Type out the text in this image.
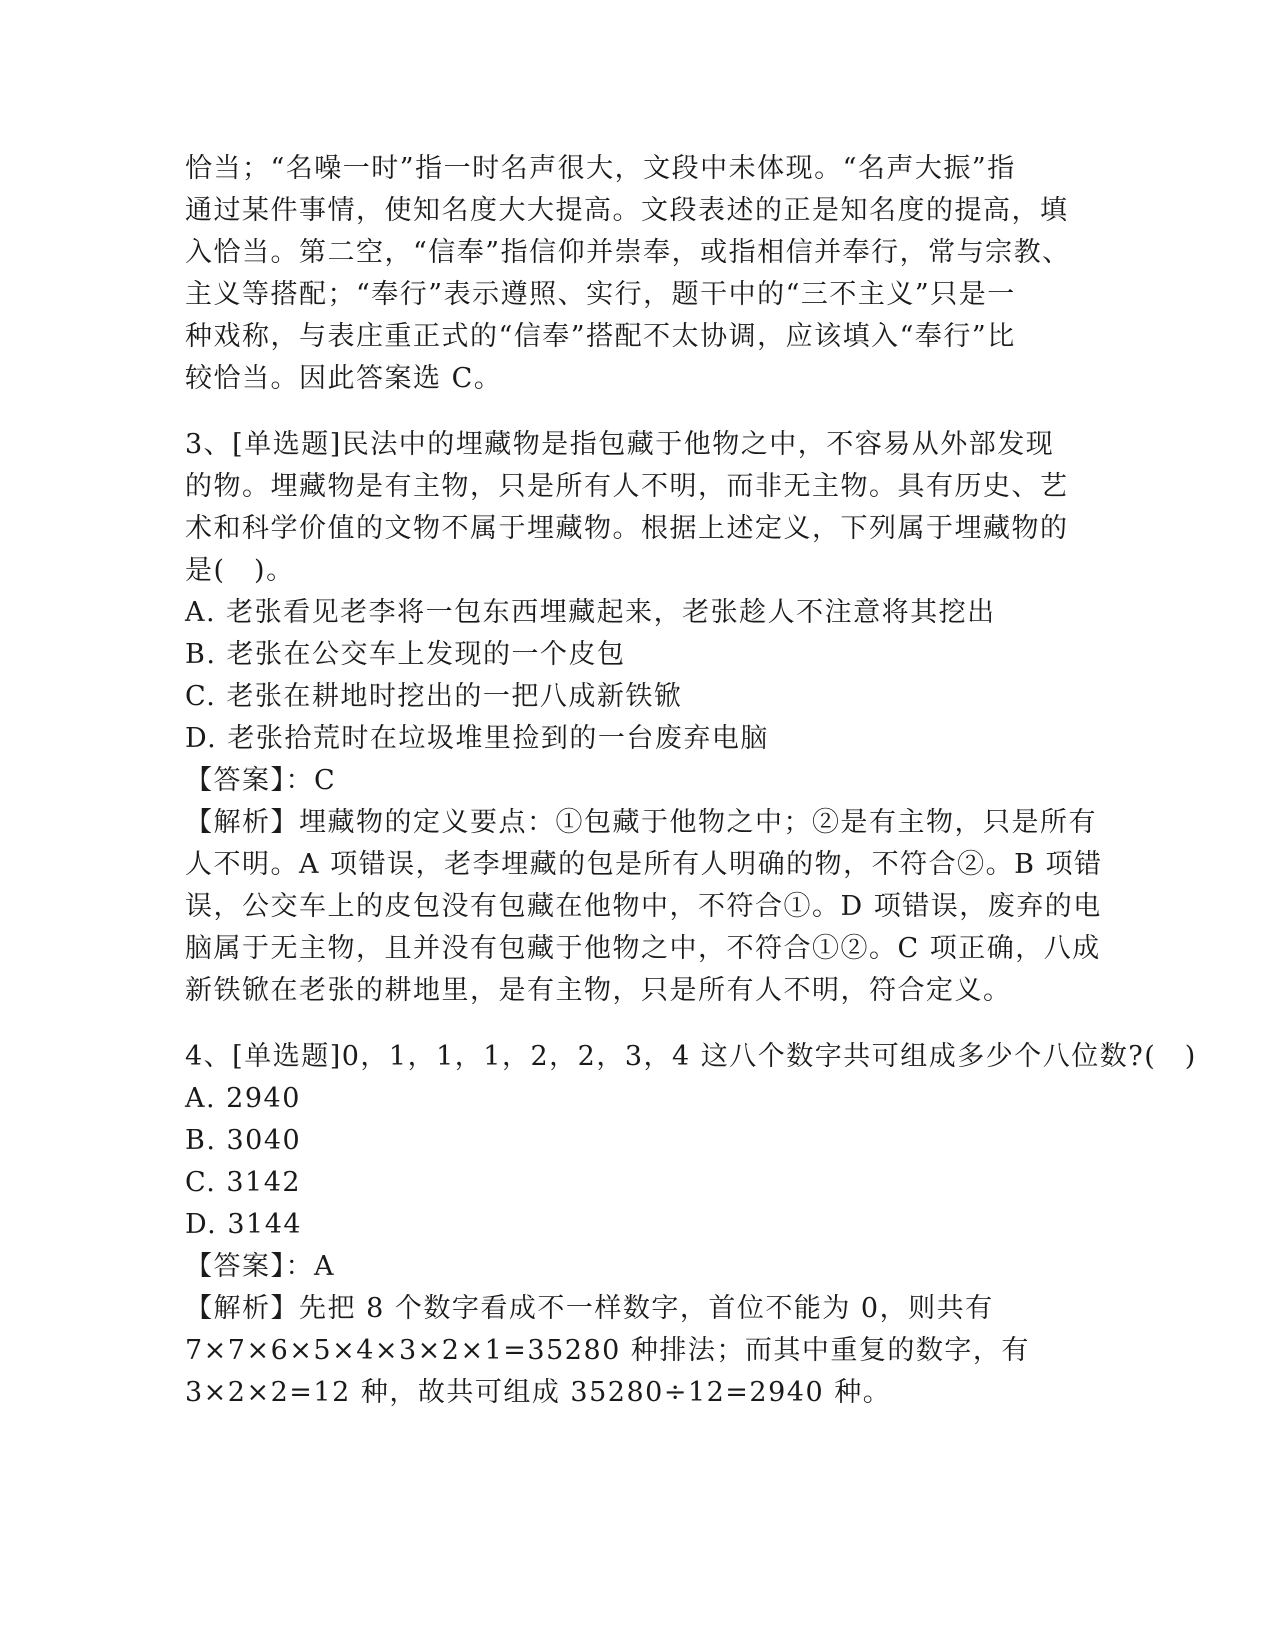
恰当；“名噪一时”指一时名声很大，文段中未体现。“名声大振”指
通过某件事情，使知名度大大提高。文段表述的正是知名度的提高，填
入恰当。第二空，“信奉”指信仰并崇奉，或指相信并奉行，常与宗教、
主义等搭配；“奉行”表示遵照、实行，题干中的“三不主义”只是一
种戏称，与表庄重正式的“信奉”搭配不太协调，应该填入“奉行”比
较恰当。因此答案选 C。
3、[单选题]民法中的埋藏物是指包藏于他物之中，不容易从外部发现
的物。埋藏物是有主物，只是所有人不明，而非无主物。具有历史、艺
术和科学价值的文物不属于埋藏物。根据上述定义，下列属于埋藏物的
是(　)。
A. 老张看见老李将一包东西埋藏起来，老张趁人不注意将其挖出
B. 老张在公交车上发现的一个皮包
C. 老张在耕地时挖出的一把八成新铁锨
D. 老张拾荒时在垃圾堆里捡到的一台废弃电脑
【答案】：C
【解析】埋藏物的定义要点：①包藏于他物之中；②是有主物，只是所有
人不明。A 项错误，老李埋藏的包是所有人明确的物，不符合②。B 项错
误，公交车上的皮包没有包藏在他物中，不符合①。D 项错误，废弃的电
脑属于无主物，且并没有包藏于他物之中，不符合①②。C 项正确，八成
新铁锨在老张的耕地里，是有主物，只是所有人不明，符合定义。
4、[单选题]0，1，1，1，2，2，3，4 这八个数字共可组成多少个八位数?(　)
A. 2940
B. 3040
C. 3142
D. 3144
【答案】：A
【解析】先把 8 个数字看成不一样数字，首位不能为 0，则共有
7×7×6×5×4×3×2×1=35280 种排法；而其中重复的数字，有
3×2×2=12 种，故共可组成 35280÷12=2940 种。
